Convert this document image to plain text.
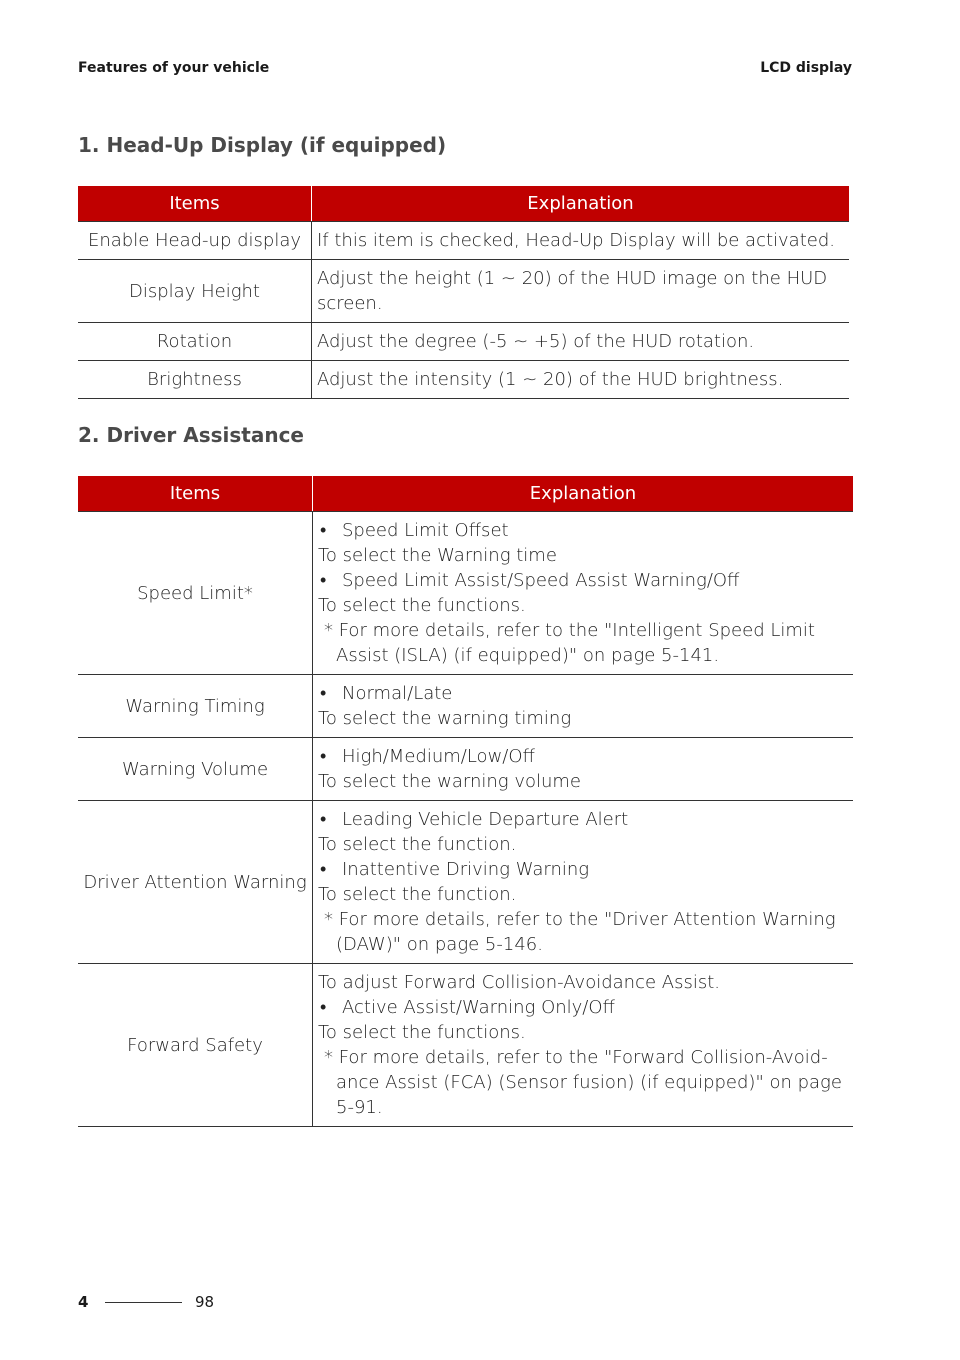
Features of your vehicle	LCD display
1. Head-Up Display (if equipped)
Items	Explanation
Enable Head-up display	If this item is checked, Head-Up Display will be activated.

Display Height	Adjust the height (1 ~ 20) of the HUD image on the HUD screen.

Rotation	Adjust the degree (-5 ~ +5) of the HUD rotation.

Brightness	Adjust the intensity (1 ~ 20) of the HUD brightness.
2. Driver Assistance
Items	Explanation
Speed Limit*	• Speed Limit Offset
To select the Warning time
• Speed Limit Assist/Speed Assist Warning/Off
To select the functions.
* For more details, refer to the "Intelligent Speed Limit Assist (ISLA) (if equipped)" on page 5-141.

Warning Timing	• Normal/Late
To select the warning timing

Warning Volume	• High/Medium/Low/Off
To select the warning volume

Driver Attention Warning	• Leading Vehicle Departure Alert
To select the function.
• Inattentive Driving Warning
To select the function.
* For more details, refer to the "Driver Attention Warning (DAW)" on page 5-146.

Forward Safety	To adjust Forward Collision-Avoidance Assist.
• Active Assist/Warning Only/Off
To select the functions.
* For more details, refer to the "Forward Collision-Avoid-ance Assist (FCA) (Sensor fusion) (if equipped)" on page 5-91.
4	98
